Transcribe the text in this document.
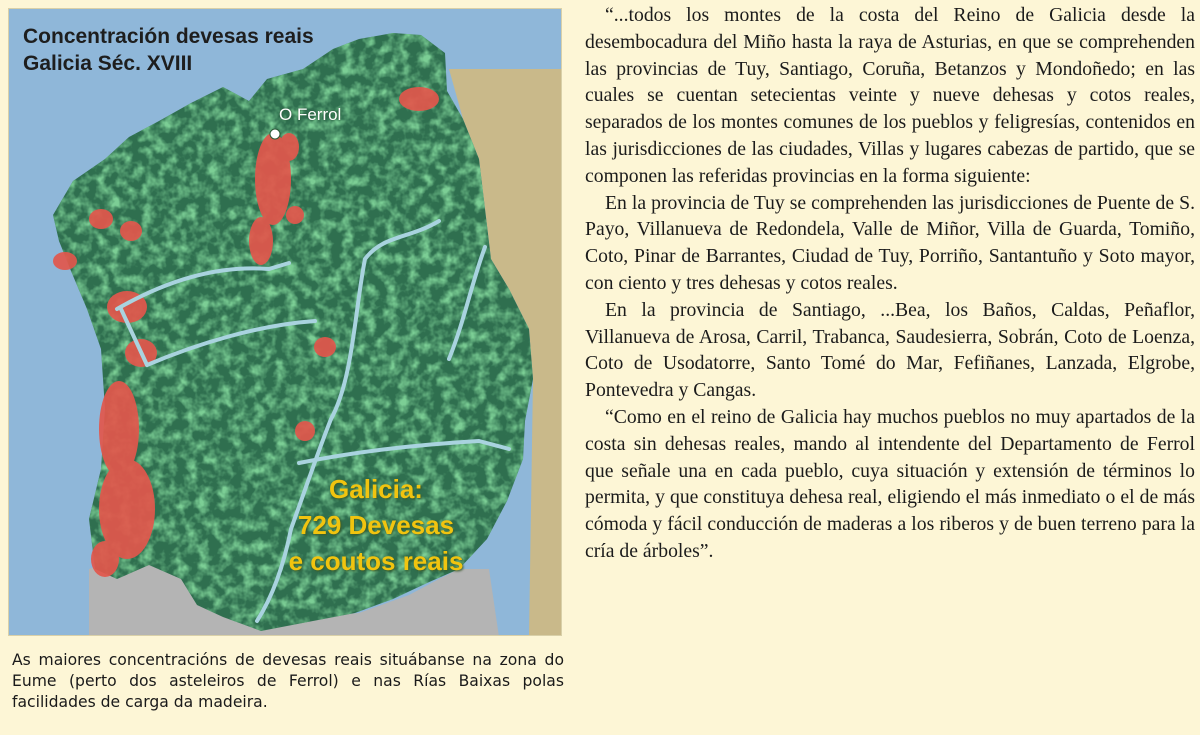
Concentración devesas reais
Galicia Séc. XVIII
O Ferrol
Galicia:
729 Devesas
e coutos reais

As maiores concentracións de devesas reais situábanse na zona do Eume (perto dos asteleiros de Ferrol) e nas Rías Baixas polas facilidades de carga da madeira.

“...todos los montes de la costa del Reino de Galicia desde la desembocadura del Miño hasta la raya de Asturias, en que se comprehenden las provincias de Tuy, Santiago, Coruña, Betanzos y Mondoñedo; en las cuales se cuentan setecientas veinte y nueve dehesas y cotos reales, separados de los montes comunes de los pueblos y feligresías, contenidos en las jurisdicciones de las ciudades, Villas y lugares cabezas de partido, que se componen las referidas provincias en la forma siguiente:

En la provincia de Tuy se comprehenden las jurisdicciones de Puente de S. Payo, Villanueva de Redondela, Valle de Miñor, Villa de Guarda, Tomiño, Coto, Pinar de Barrantes, Ciudad de Tuy, Porriño, Santantuño y Soto mayor, con ciento y tres dehesas y cotos reales.

En la provincia de Santiago, ...Bea, los Baños, Caldas, Peñaflor, Villanueva de Arosa, Carril, Trabanca, Saudesierra, Sobrán, Coto de Loenza, Coto de Usodatorre, Santo Tomé do Mar, Fefiñanes, Lanzada, Elgrobe, Pontevedra y Cangas.

“Como en el reino de Galicia hay muchos pueblos no muy apartados de la costa sin dehesas reales, mando al intendente del Departamento de Ferrol que señale una en cada pueblo, cuya situación y extensión de términos lo permita, y que constituya dehesa real, eligiendo el más inmediato o el de más cómoda y fácil conducción de maderas a los riberos y de buen terreno para la cría de árboles”.
